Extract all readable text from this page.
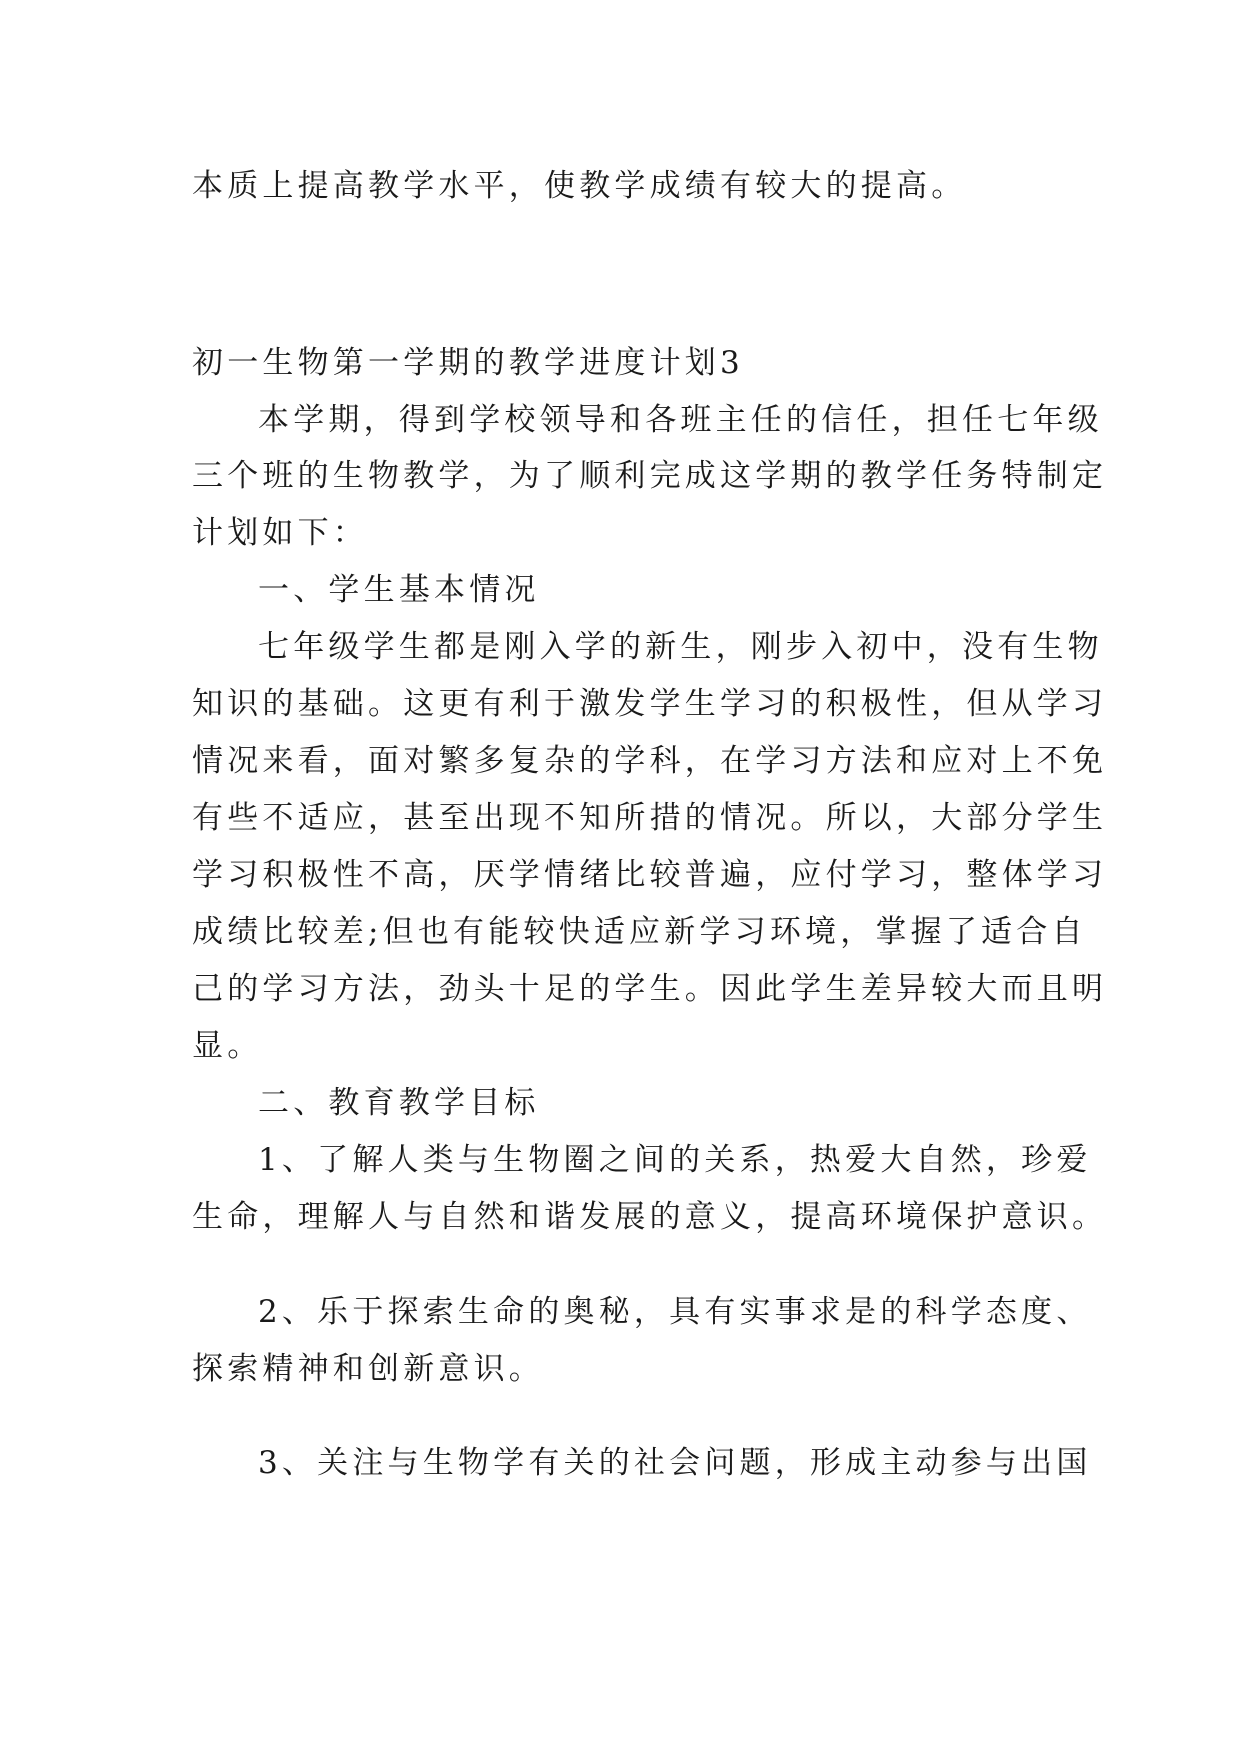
本质上提高教学水平，使教学成绩有较大的提高。

初一生物第一学期的教学进度计划3

本学期，得到学校领导和各班主任的信任，担任七年级

三个班的生物教学，为了顺利完成这学期的教学任务特制定

计划如下：

一、学生基本情况

七年级学生都是刚入学的新生，刚步入初中，没有生物

知识的基础。这更有利于激发学生学习的积极性，但从学习

情况来看，面对繁多复杂的学科，在学习方法和应对上不免

有些不适应，甚至出现不知所措的情况。所以，大部分学生

学习积极性不高，厌学情绪比较普遍，应付学习，整体学习

成绩比较差;但也有能较快适应新学习环境，掌握了适合自

己的学习方法，劲头十足的学生。因此学生差异较大而且明

显。

二、教育教学目标

1、了解人类与生物圈之间的关系，热爱大自然，珍爱

生命，理解人与自然和谐发展的意义，提高环境保护意识。

2、乐于探索生命的奥秘，具有实事求是的科学态度、

探索精神和创新意识。

3、关注与生物学有关的社会问题，形成主动参与出国
